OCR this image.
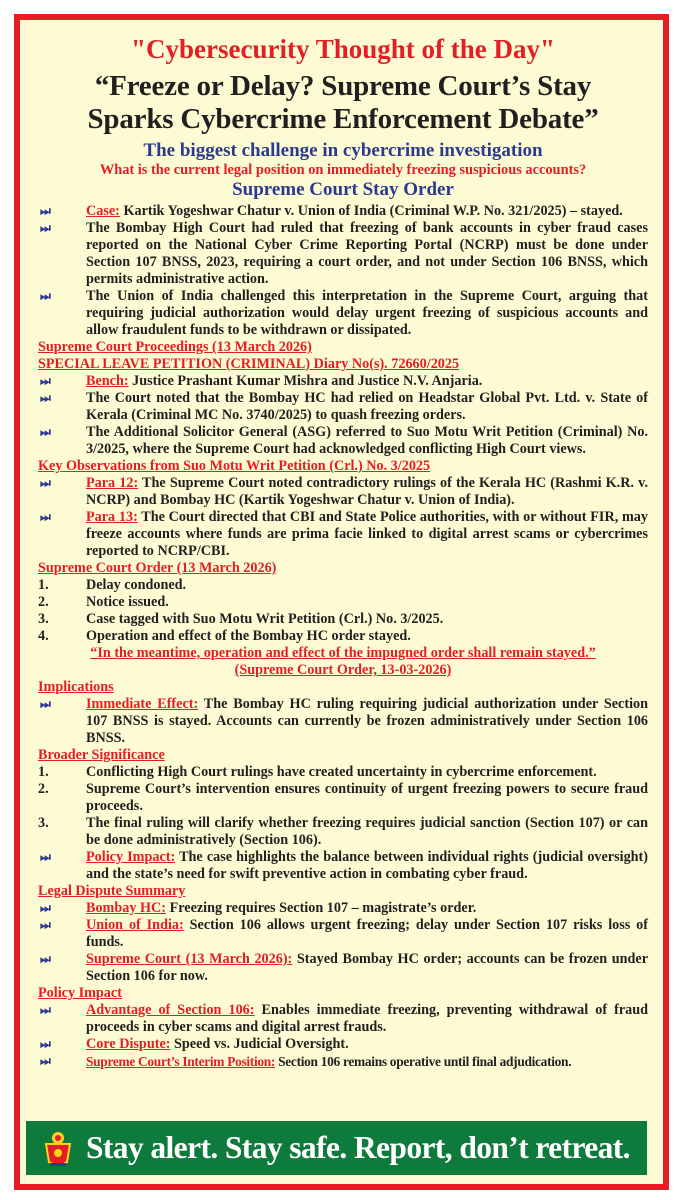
"Cybersecurity Thought of the Day"
“Freeze or Delay? Supreme Court’s Stay
Sparks Cybercrime Enforcement Debate”
The biggest challenge in cybercrime investigation
What is the current legal position on immediately freezing suspicious accounts?
Supreme Court Stay Order
⏭	Case: Kartik Yogeshwar Chatur v. Union of India (Criminal W.P. No. 321/2025) – stayed.
⏭	The Bombay High Court had ruled that freezing of bank accounts in cyber fraud cases reported on the National Cyber Crime Reporting Portal (NCRP) must be done under Section 107 BNSS, 2023, requiring a court order, and not under Section 106 BNSS, which permits administrative action.
⏭	The Union of India challenged this interpretation in the Supreme Court, arguing that requiring judicial authorization would delay urgent freezing of suspicious accounts and allow fraudulent funds to be withdrawn or dissipated.
Supreme Court Proceedings (13 March 2026)
SPECIAL LEAVE PETITION (CRIMINAL) Diary No(s). 72660/2025
⏭	Bench: Justice Prashant Kumar Mishra and Justice N.V. Anjaria.
⏭	The Court noted that the Bombay HC had relied on Headstar Global Pvt. Ltd. v. State of Kerala (Criminal MC No. 3740/2025) to quash freezing orders.
⏭	The Additional Solicitor General (ASG) referred to Suo Motu Writ Petition (Criminal) No. 3/2025, where the Supreme Court had acknowledged conflicting High Court views.
Key Observations from Suo Motu Writ Petition (Crl.) No. 3/2025
⏭	Para 12: The Supreme Court noted contradictory rulings of the Kerala HC (Rashmi K.R. v. NCRP) and Bombay HC (Kartik Yogeshwar Chatur v. Union of India).
⏭	Para 13: The Court directed that CBI and State Police authorities, with or without FIR, may freeze accounts where funds are prima facie linked to digital arrest scams or cybercrimes reported to NCRP/CBI.
Supreme Court Order (13 March 2026)
1.	Delay condoned.
2.	Notice issued.
3.	Case tagged with Suo Motu Writ Petition (Crl.) No. 3/2025.
4.	Operation and effect of the Bombay HC order stayed.
“In the meantime, operation and effect of the impugned order shall remain stayed.”
(Supreme Court Order, 13-03-2026)
Implications
⏭	Immediate Effect: The Bombay HC ruling requiring judicial authorization under Section 107 BNSS is stayed. Accounts can currently be frozen administratively under Section 106 BNSS.
Broader Significance
1.	Conflicting High Court rulings have created uncertainty in cybercrime enforcement.
2.	Supreme Court’s intervention ensures continuity of urgent freezing powers to secure fraud proceeds.
3.	The final ruling will clarify whether freezing requires judicial sanction (Section 107) or can be done administratively (Section 106).
⏭	Policy Impact: The case highlights the balance between individual rights (judicial oversight) and the state’s need for swift preventive action in combating cyber fraud.
Legal Dispute Summary
⏭	Bombay HC: Freezing requires Section 107 – magistrate’s order.
⏭	Union of India: Section 106 allows urgent freezing; delay under Section 107 risks loss of funds.
⏭	Supreme Court (13 March 2026): Stayed Bombay HC order; accounts can be frozen under Section 106 for now.
Policy Impact
⏭	Advantage of Section 106: Enables immediate freezing, preventing withdrawal of fraud proceeds in cyber scams and digital arrest frauds.
⏭	Core Dispute: Speed vs. Judicial Oversight.
⏭	Supreme Court’s Interim Position: Section 106 remains operative until final adjudication.
Stay alert. Stay safe. Report, don’t retreat.
